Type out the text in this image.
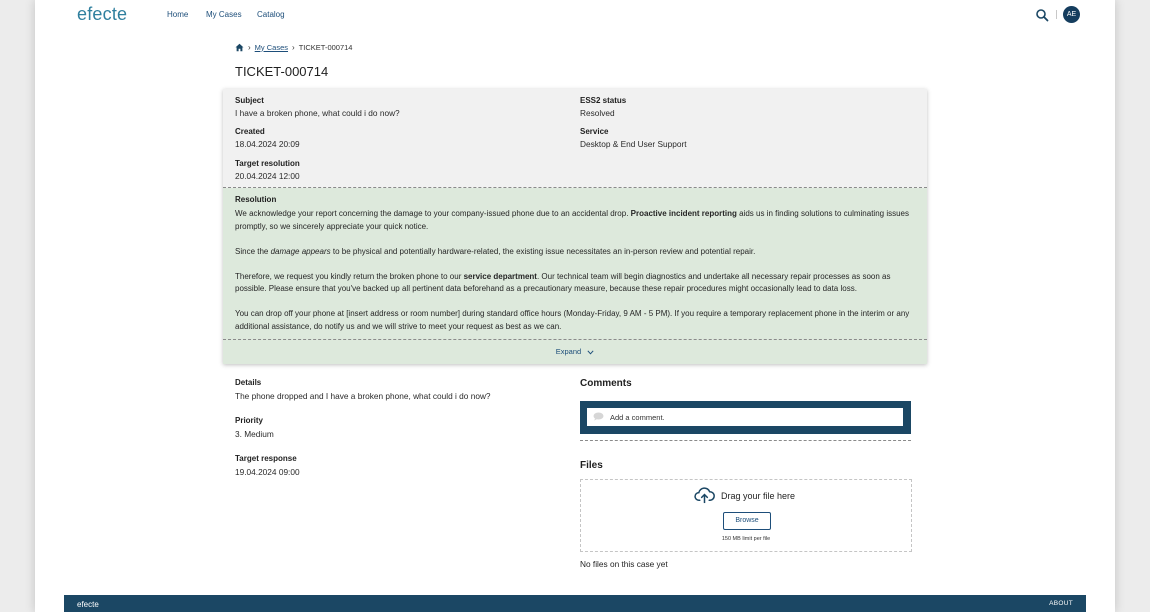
efecte	Home My Cases Catalog	AE
› My Cases › TICKET-000714
TICKET-000714
Subject
I have a broken phone, what could i do now?
ESS2 status
Resolved
Created
18.04.2024 20:09
Service
Desktop & End User Support
Target resolution
20.04.2024 12:00
Resolution

We acknowledge your report concerning the damage to your company-issued phone due to an accidental drop. Proactive incident reporting aids us in finding solutions to culminating issues promptly, so we sincerely appreciate your quick notice.

Since the damage appears to be physical and potentially hardware-related, the existing issue necessitates an in-person review and potential repair.

Therefore, we request you kindly return the broken phone to our service department. Our technical team will begin diagnostics and undertake all necessary repair processes as soon as possible. Please ensure that you've backed up all pertinent data beforehand as a precautionary measure, because these repair procedures might occasionally lead to data loss.

You can drop off your phone at [insert address or room number] during standard office hours (Monday-Friday, 9 AM - 5 PM). If you require a temporary replacement phone in the interim or any additional assistance, do notify us and we will strive to meet your request as best as we can.

Expand
Details
The phone dropped and I have a broken phone, what could i do now?
Priority
3. Medium
Target response
19.04.2024 09:00
Comments
Add a comment.
Files
Drag your file here
Browse
150 MB limit per file
No files on this case yet
efecte	ABOUT
